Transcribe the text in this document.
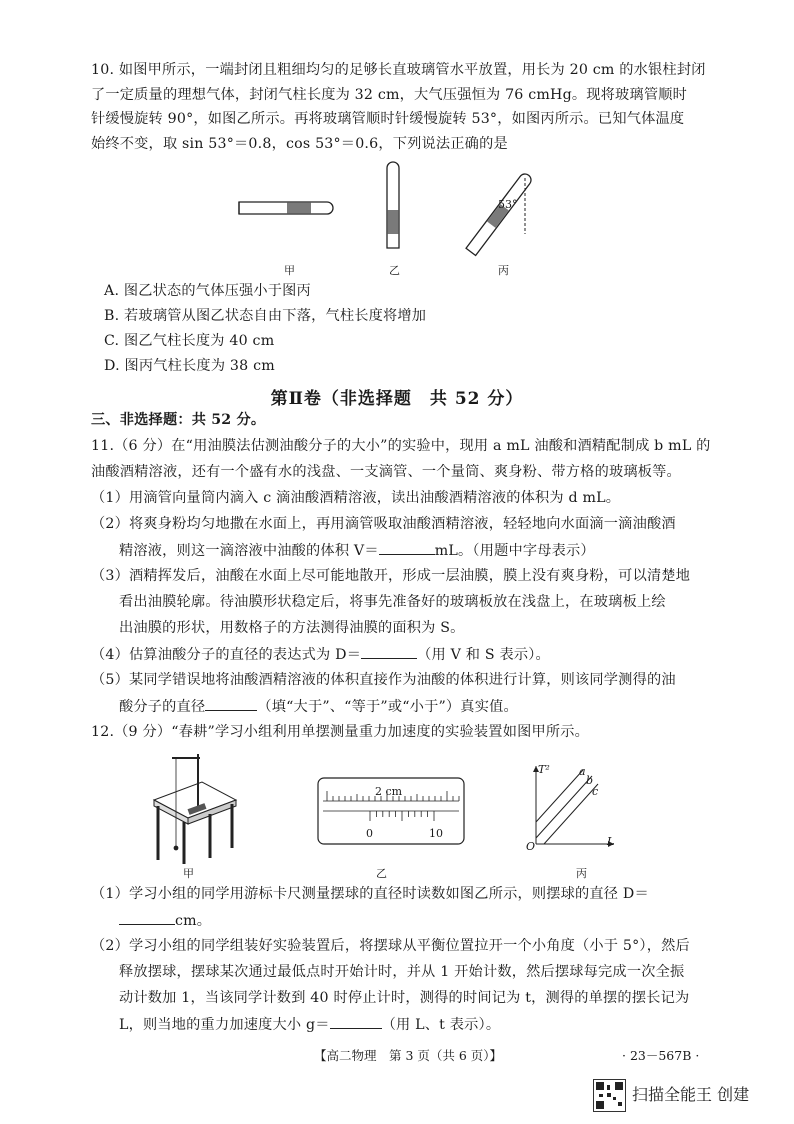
10. 如图甲所示，一端封闭且粗细均匀的足够长直玻璃管水平放置，用长为 20 cm 的水银柱封闭
了一定质量的理想气体，封闭气柱长度为 32 cm，大气压强恒为 76 cmHg。现将玻璃管顺时
针缓慢旋转 90°，如图乙所示。再将玻璃管顺时针缓慢旋转 53°，如图丙所示。已知气体温度
始终不变，取 sin 53°＝0.8，cos 53°＝0.6，下列说法正确的是
甲	乙
53°
丙
A. 图乙状态的气体压强小于图丙
B. 若玻璃管从图乙状态自由下落，气柱长度将增加
C. 图乙气柱长度为 40 cm
D. 图丙气柱长度为 38 cm
第Ⅱ卷（非选择题　共 52 分）
三、非选择题：共 52 分。
11.（6 分）在“用油膜法估测油酸分子的大小”的实验中，现用 a mL 油酸和酒精配制成 b mL 的
油酸酒精溶液，还有一个盛有水的浅盘、一支滴管、一个量筒、爽身粉、带方格的玻璃板等。
（1）用滴管向量筒内滴入 c 滴油酸酒精溶液，读出油酸酒精溶液的体积为 d mL。
（2）将爽身粉均匀地撒在水面上，再用滴管吸取油酸酒精溶液，轻轻地向水面滴一滴油酸酒
精溶液，则这一滴溶液中油酸的体积 V＝	mL。（用题中字母表示）
（3）酒精挥发后，油酸在水面上尽可能地散开，形成一层油膜，膜上没有爽身粉，可以清楚地
看出油膜轮廓。待油膜形状稳定后，将事先准备好的玻璃板放在浅盘上，在玻璃板上绘
出油膜的形状，用数格子的方法测得油膜的面积为 S。
（4）估算油酸分子的直径的表达式为 D＝	（用 V 和 S 表示）。
（5）某同学错误地将油酸酒精溶液的体积直接作为油酸的体积进行计算，则该同学测得的油
酸分子的直径	（填“大于”、“等于”或“小于”）真实值。
12.（9 分）“春耕”学习小组利用单摆测量重力加速度的实验装置如图甲所示。
甲
2 cm
0	10
乙
T²
L
O
a
b
c
丙
（1）学习小组的同学用游标卡尺测量摆球的直径时读数如图乙所示，则摆球的直径 D＝
cm。
（2）学习小组的同学组装好实验装置后，将摆球从平衡位置拉开一个小角度（小于 5°），然后
释放摆球，摆球某次通过最低点时开始计时，并从 1 开始计数，然后摆球每完成一次全振
动计数加 1，当该同学计数到 40 时停止计时，测得的时间记为 t，测得的单摆的摆长记为
L，则当地的重力加速度大小 g＝	（用 L、t 表示）。
【高二物理　第 3 页（共 6 页）】	· 23－567B ·
扫描全能王 创建
